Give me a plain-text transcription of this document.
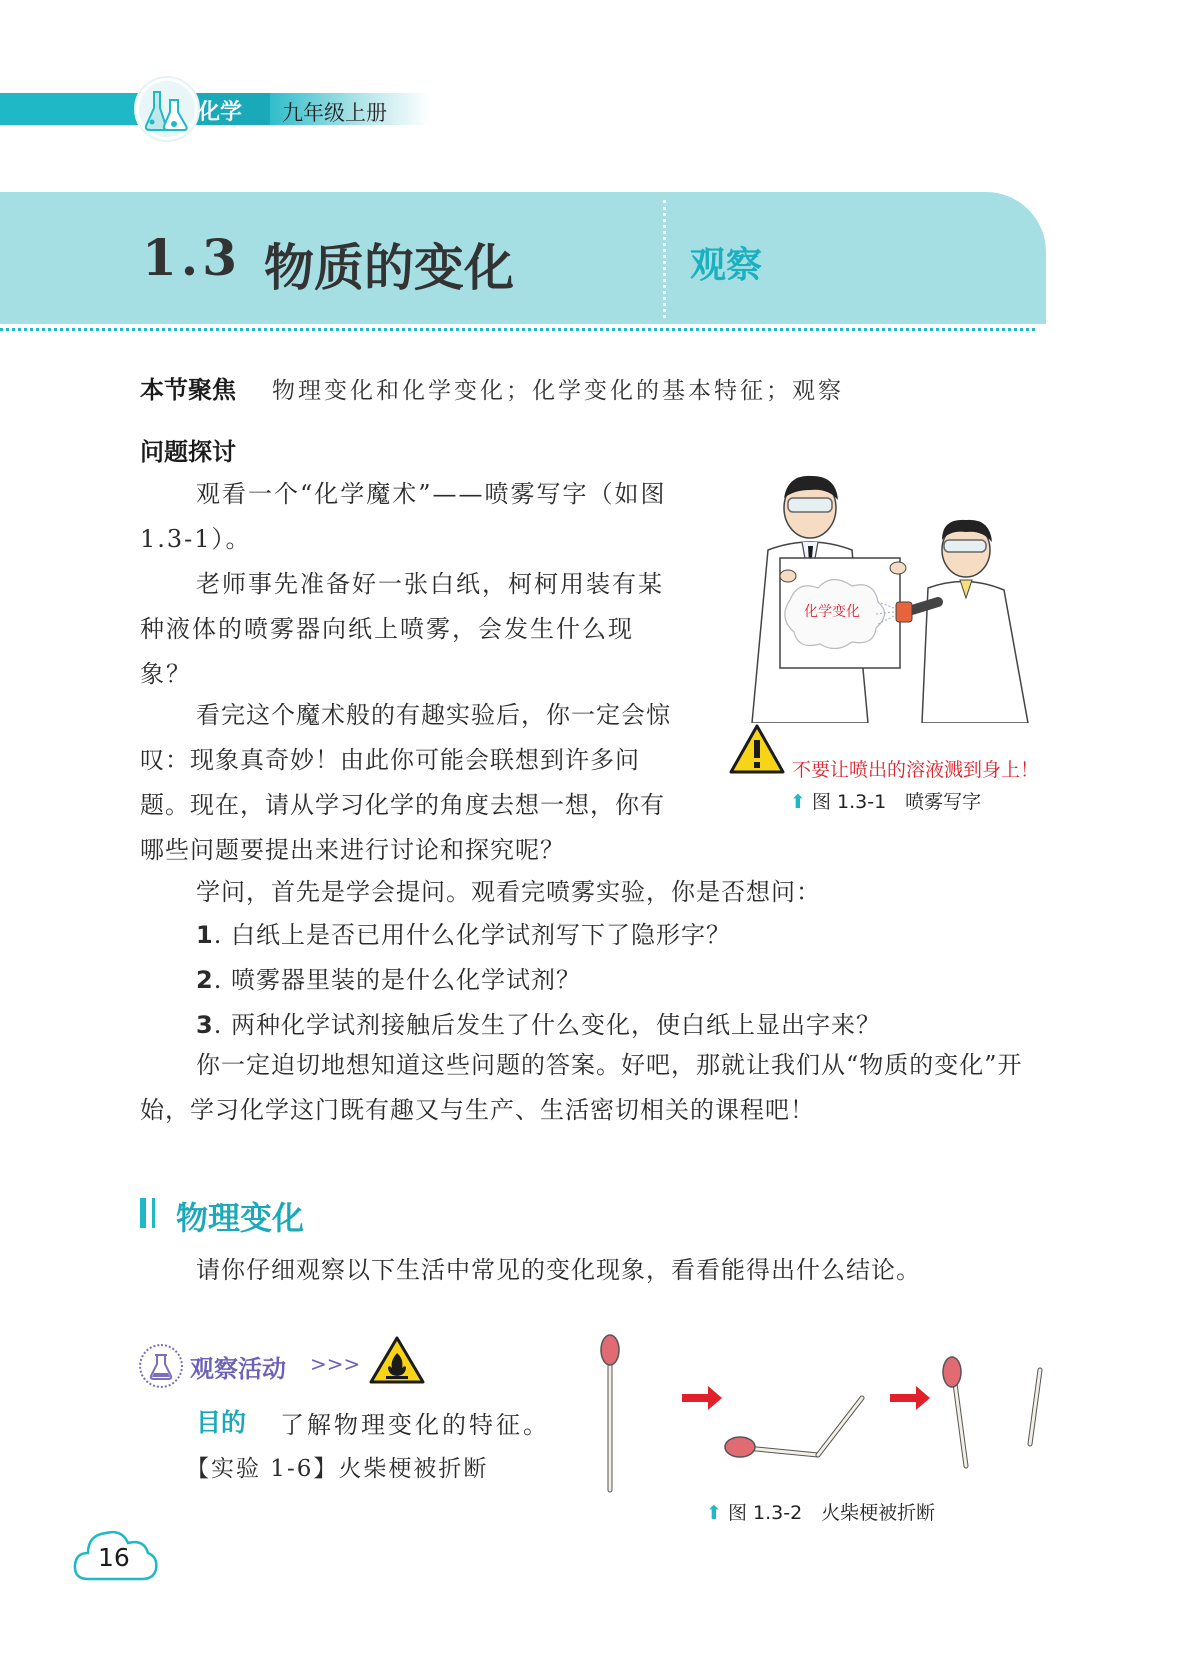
化学 九年级上册
1.3 物质的变化	观察
本节聚焦 物理变化和化学变化；化学变化的基本特征；观察
问题探讨
观看一个“化学魔术”——喷雾写字（如图 1.3-1）。
老师事先准备好一张白纸，柯柯用装有某种液体的喷雾器向纸上喷雾，会发生什么现象？
看完这个魔术般的有趣实验后，你一定会惊叹：现象真奇妙！由此你可能会联想到许多问题。现在，请从学习化学的角度去想一想，你有哪些问题要提出来进行讨论和探究呢？
学问，首先是学会提问。观看完喷雾实验，你是否想问：
1. 白纸上是否已用什么化学试剂写下了隐形字？
2. 喷雾器里装的是什么化学试剂？
3. 两种化学试剂接触后发生了什么变化，使白纸上显出字来？
你一定迫切地想知道这些问题的答案。好吧，那就让我们从“物质的变化”开始，学习化学这门既有趣又与生产、生活密切相关的课程吧！
化学变化
不要让喷出的溶液溅到身上！
⬆ 图 1.3-1　喷雾写字
物理变化
请你仔细观察以下生活中常见的变化现象，看看能得出什么结论。
观察活动 >>>
目的 了解物理变化的特征。
【实验 1-6】火柴梗被折断
⬆ 图 1.3-2　火柴梗被折断
16
